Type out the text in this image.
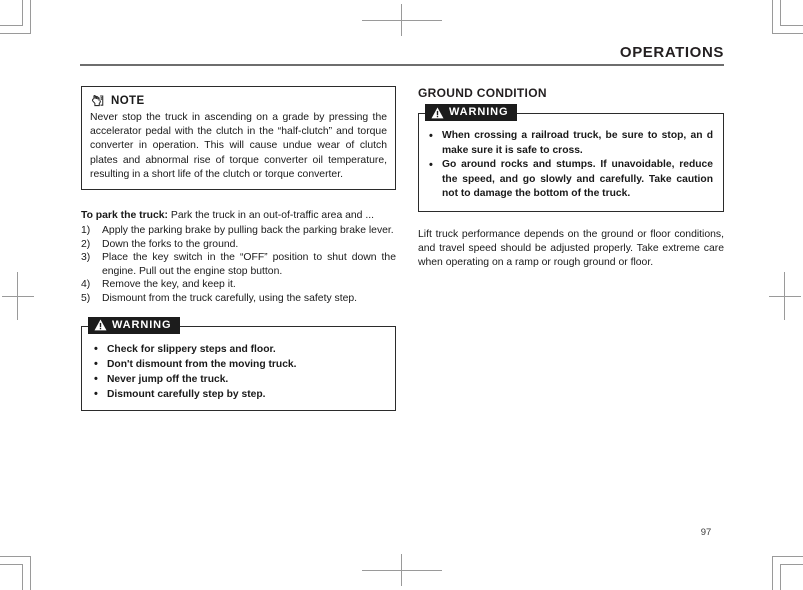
OPERATIONS
NOTE
Never stop the truck in ascending on a grade by pressing the accelerator pedal with the clutch in the “half-clutch” and torque converter in operation. This will cause undue wear of clutch plates and abnormal rise of torque converter oil temperature, resulting in a short life of the clutch or torque converter.
To park the truck: Park the truck in an out-of-traffic area and ...
1)	Apply the parking brake by pulling back the parking brake lever.
2)	Down the forks to the ground.
3)	Place the key switch in the “OFF” position to shut down the engine. Pull out the engine stop button.
4)	Remove the key, and keep it.
5)	Dismount from the truck carefully, using the safety step.
WARNING
• Check for slippery steps and floor.
• Don't dismount from the moving truck.
• Never jump off the truck.
• Dismount carefully step by step.
GROUND CONDITION
WARNING
• When crossing a railroad truck, be sure to stop, an d make sure it is safe to cross.
• Go around rocks and stumps. If unavoidable, reduce the speed, and go slowly and carefully. Take caution not to damage the bottom of the truck.
Lift truck performance depends on the ground or floor conditions, and travel speed should be adjusted properly. Take extreme care when operating on a ramp or rough ground or floor.
97
